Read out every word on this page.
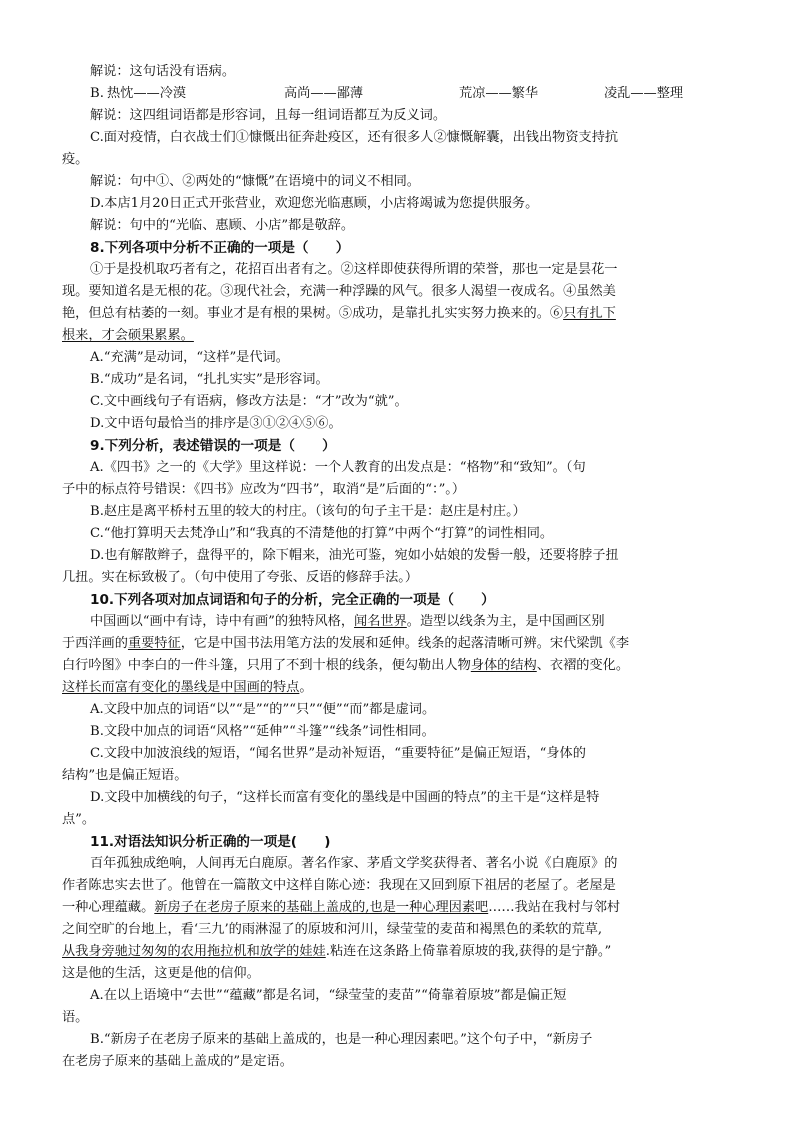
解说：这句话没有语病。
B. 热忱——冷漠	高尚——鄙薄	荒凉——繁华	凌乱——整理
解说：这四组词语都是形容词，且每一组词语都互为反义词。
C.面对疫情，白衣战士们①慷慨出征奔赴疫区，还有很多人②慷慨解囊，出钱出物资支持抗
疫。
解说：句中①、②两处的“慷慨”在语境中的词义不相同。
D.本店1月20日正式开张营业，欢迎您光临惠顾，小店将竭诚为您提供服务。
解说：句中的“光临、惠顾、小店”都是敬辞。
8.下列各项中分析不正确的一项是（　　）
①于是投机取巧者有之，花招百出者有之。②这样即使获得所谓的荣誉，那也一定是昙花一
现。要知道名是无根的花。③现代社会，充满一种浮躁的风气。很多人渴望一夜成名。④虽然美
艳，但总有枯萎的一刻。事业才是有根的果树。⑤成功，是靠扎扎实实努力换来的。⑥只有扎下
根来，才会硕果累累。
A.“充满”是动词，“这样”是代词。
B.“成功”是名词，“扎扎实实”是形容词。
C.文中画线句子有语病，修改方法是：“才”改为“就”。
D.文中语句最恰当的排序是③①②④⑤⑥。
9.下列分析，表述错误的一项是（　　）
A.《四书》之一的《大学》里这样说：一个人教育的出发点是：“格物”和“致知”。（句
子中的标点符号错误：《四书》应改为“四书”，取消“是”后面的“：”。）
B.赵庄是离平桥村五里的较大的村庄。（该句的句子主干是：赵庄是村庄。）
C.“他打算明天去梵净山”和“我真的不清楚他的打算”中两个“打算”的词性相同。
D.也有解散辫子，盘得平的，除下帽来，油光可鉴，宛如小姑娘的发髻一般，还要将脖子扭
几扭。实在标致极了。（句中使用了夸张、反语的修辞手法。）
10.下列各项对加点词语和句子的分析，完全正确的一项是（　　）
中国画以“画中有诗，诗中有画”的独特风格，闻名世界。造型以线条为主，是中国画区别
于西洋画的重要特征，它是中国书法用笔方法的发展和延伸。线条的起落清晰可辨。宋代梁凯《李
白行吟图》中李白的一件斗篷，只用了不到十根的线条，便勾勒出人物身体的结构、衣褶的变化。
这样长而富有变化的墨线是中国画的特点。
A.文段中加点的词语“以”“是”“的”“只”“便”“而”都是虚词。
B.文段中加点的词语“风格”“延伸”“斗篷”“线条”词性相同。
C.文段中加波浪线的短语，“闻名世界”是动补短语，“重要特征”是偏正短语，“身体的
结构”也是偏正短语。
D.文段中加横线的句子，“这样长而富有变化的墨线是中国画的特点”的主干是“这样是特
点”。
11.对语法知识分析正确的一项是(　　)
百年孤独成绝响，人间再无白鹿原。著名作家、茅盾文学奖获得者、著名小说《白鹿原》的
作者陈忠实去世了。他曾在一篇散文中这样自陈心迹：我现在又回到原下祖居的老屋了。老屋是
一种心理蕴藏。新房子在老房子原来的基础上盖成的,也是一种心理因素吧……我站在我村与邻村
之间空旷的台地上，看‘三九’的雨淋湿了的原坡和河川，绿莹莹的麦苗和褐黑色的柔软的荒草,
从我身旁驰过匆匆的农用拖拉机和放学的娃娃.粘连在这条路上倚靠着原坡的我,获得的是宁静。”
这是他的生活，这更是他的信仰。
A.在以上语境中“去世”“蕴藏”都是名词，“绿莹莹的麦苗”“倚靠着原坡”都是偏正短
语。
B.“新房子在老房子原来的基础上盖成的，也是一种心理因素吧。”这个句子中，“新房子
在老房子原来的基础上盖成的”是定语。
